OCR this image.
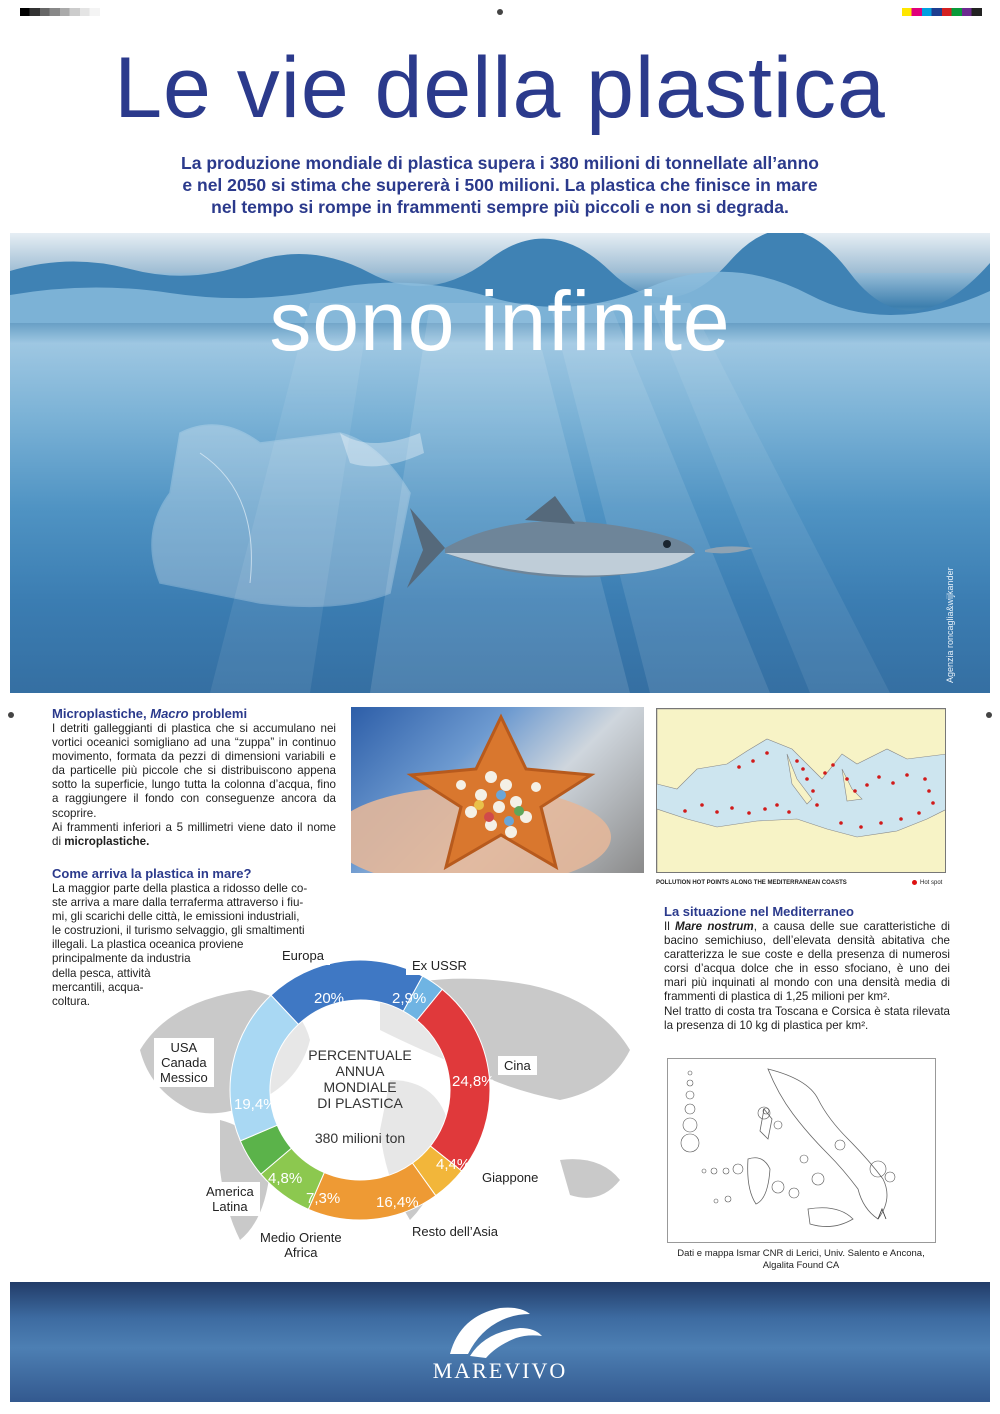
Le vie della plastica
La produzione mondiale di plastica supera i 380 milioni di tonnellate all’anno
e nel 2050 si stima che supererà i 500 milioni. La plastica che finisce in mare
nel tempo si rompe in frammenti sempre più piccoli e non si degrada.
sono infinite
Agenzia roncaglia&wijkander
Microplastiche, Macro problemi
I detriti galleggianti di plastica che si accumulano nei vortici oceanici somigliano ad una “zuppa” in continuo movimento, formata da pezzi di dimensioni variabili e da particelle più piccole che si distribuiscono appena sotto la superficie, lungo tutta la colonna d’acqua, fino a raggiungere il fondo con conseguenze ancora da scoprire.
Ai frammenti inferiori a 5 millimetri viene dato il nome di microplastiche.
POLLUTION HOT POINTS ALONG THE MEDITERRANEAN COASTS	Hot spot
Come arriva la plastica in mare?
La maggior parte della plastica a ridosso delle co-
ste arriva a mare dalla terraferma attraverso i fiu-
mi, gli scarichi delle città, le emissioni industriali,
le costruzioni, il turismo selvaggio, gli smaltimenti
illegali. La plastica oceanica proviene
principalmente da industria
della pesca, attività
mercantili, acqua-
coltura.
PERCENTUALE
ANNUA
MONDIALE
DI PLASTICA
380 milioni ton
20%	2,9%
24,8%
4,4%
16,4%
7,3%
4,8%
19,4%
Europa
Ex USSR
Cina
Giappone
Resto dell’Asia
Medio Oriente
Africa
America
Latina
USA
Canada
Messico
La situazione nel Mediterraneo
Il Mare nostrum, a causa delle sue caratteristiche di bacino semichiuso, dell’elevata densità abitativa che caratterizza le sue coste e della presenza di numerosi corsi d’acqua dolce che in esso sfociano, è uno dei mari più inquinati al mondo con una densità media di frammenti di plastica di 1,25 milioni per km².
Nel tratto di costa tra Toscana e Corsica è stata rilevata la presenza di 10 kg di plastica per km².
Dati e mappa Ismar CNR di Lerici, Univ. Salento e Ancona,
Algalita Found CA
MAREVIVO
